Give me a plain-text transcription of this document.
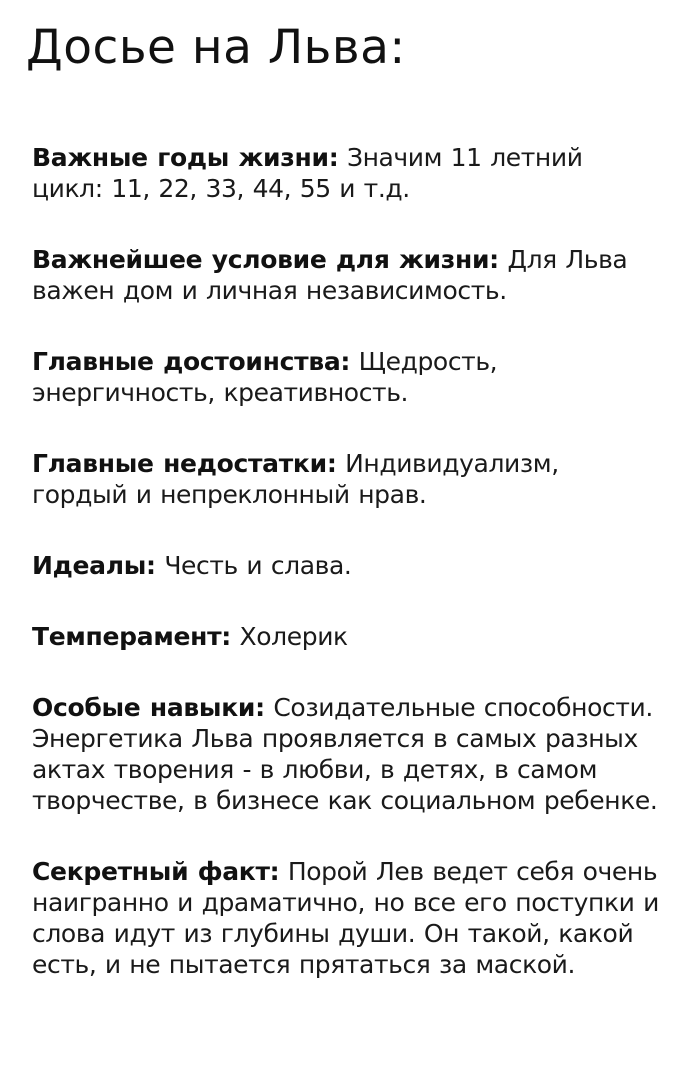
Досье на Льва:

Важные годы жизни: Значим 11 летний цикл: 11, 22, 33, 44, 55 и т.д.

Важнейшее условие для жизни: Для Льва важен дом и личная независимость.

Главные достоинства: Щедрость, энергичность, креативность.

Главные недостатки: Индивидуализм, гордый и непреклонный нрав.

Идеалы: Честь и слава.

Темперамент: Холерик

Особые навыки: Созидательные способности. Энергетика Льва проявляется в самых разных актах творения - в любви, в детях, в самом творчестве, в бизнесе как социальном ребенке.

Секретный факт: Порой Лев ведет себя очень наигранно и драматично, но все его поступки и слова идут из глубины души. Он такой, какой есть, и не пытается прятаться за маской.
